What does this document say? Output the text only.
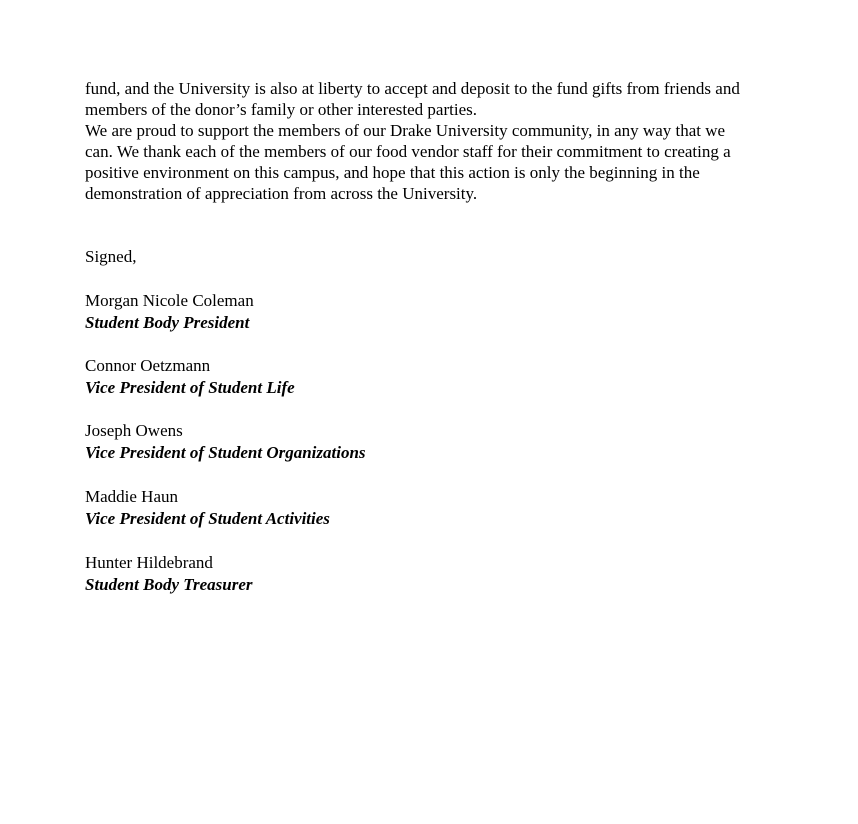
fund, and the University is also at liberty to accept and deposit to the fund gifts from friends and
members of the donor’s family or other interested parties.
We are proud to support the members of our Drake University community, in any way that we
can. We thank each of the members of our food vendor staff for their commitment to creating a
positive environment on this campus, and hope that this action is only the beginning in the
demonstration of appreciation from across the University.
Signed,
Morgan Nicole Coleman
Student Body President
Connor Oetzmann
Vice President of Student Life
Joseph Owens
Vice President of Student Organizations
Maddie Haun
Vice President of Student Activities
Hunter Hildebrand
Student Body Treasurer
